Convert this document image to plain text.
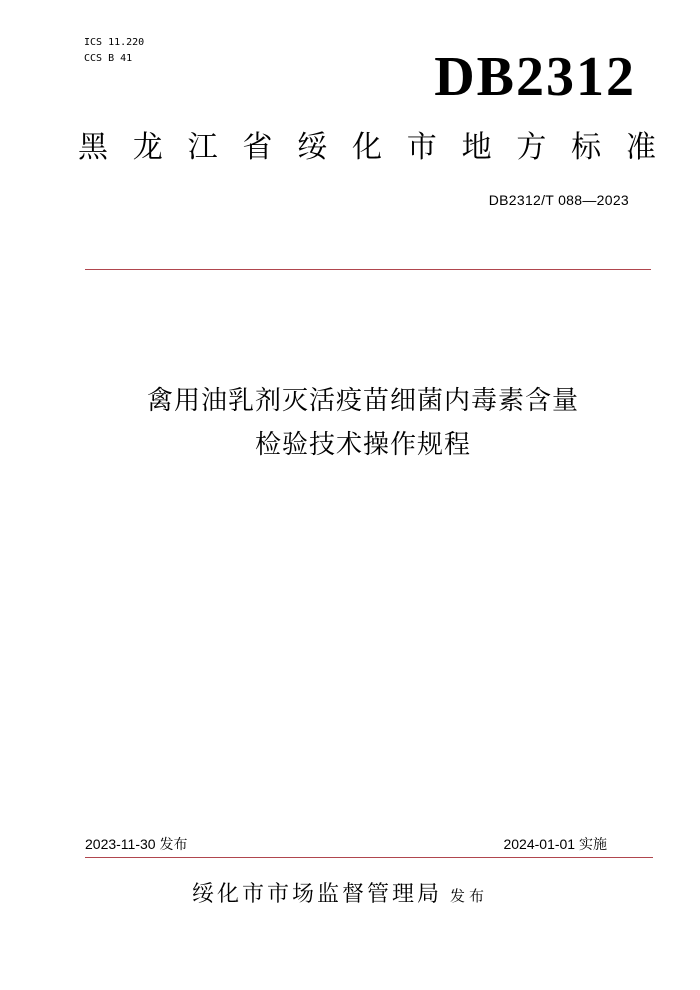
ICS 11.220
CCS B 41	DB2312
黑 龙 江 省 绥 化 市 地 方 标 准
DB2312/T 088—2023
禽用油乳剂灭活疫苗细菌内毒素含量
检验技术操作规程
2023-11-30 发布	2024-01-01 实施
绥化市市场监督管理局 发布
